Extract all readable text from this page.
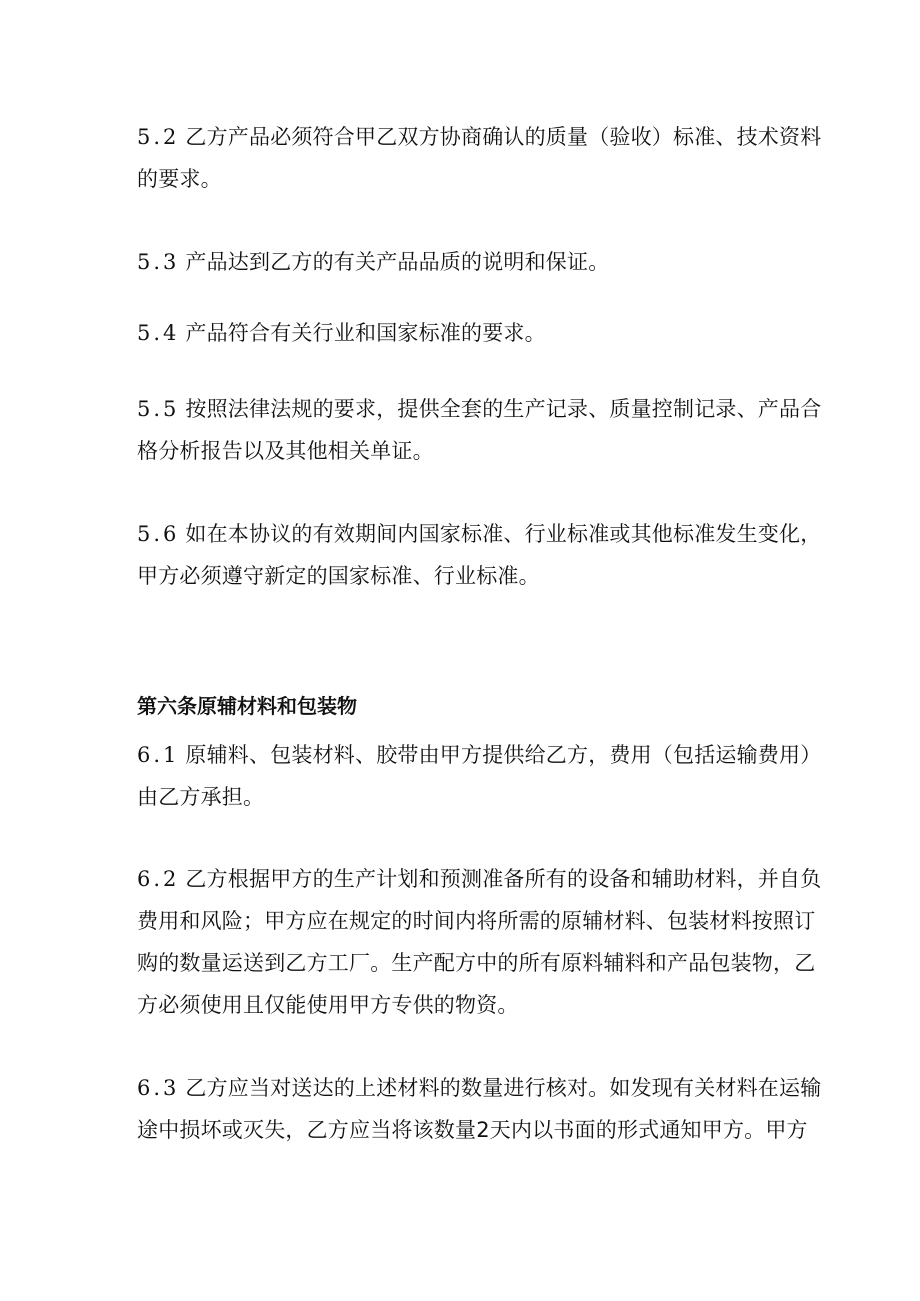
5.2 乙方产品必须符合甲乙双方协商确认的质量（验收）标准、技术资料
的要求。

5.3 产品达到乙方的有关产品品质的说明和保证。

5.4 产品符合有关行业和国家标准的要求。

5.5 按照法律法规的要求，提供全套的生产记录、质量控制记录、产品合
格分析报告以及其他相关单证。

5.6 如在本协议的有效期间内国家标准、行业标准或其他标准发生变化，
甲方必须遵守新定的国家标准、行业标准。

第六条原辅材料和包装物

6.1 原辅料、包装材料、胶带由甲方提供给乙方，费用（包括运输费用）
由乙方承担。

6.2 乙方根据甲方的生产计划和预测准备所有的设备和辅助材料，并自负
费用和风险；甲方应在规定的时间内将所需的原辅材料、包装材料按照订
购的数量运送到乙方工厂。生产配方中的所有原料辅料和产品包装物，乙
方必须使用且仅能使用甲方专供的物资。

6.3 乙方应当对送达的上述材料的数量进行核对。如发现有关材料在运输
途中损坏或灭失，乙方应当将该数量2天内以书面的形式通知甲方。甲方
